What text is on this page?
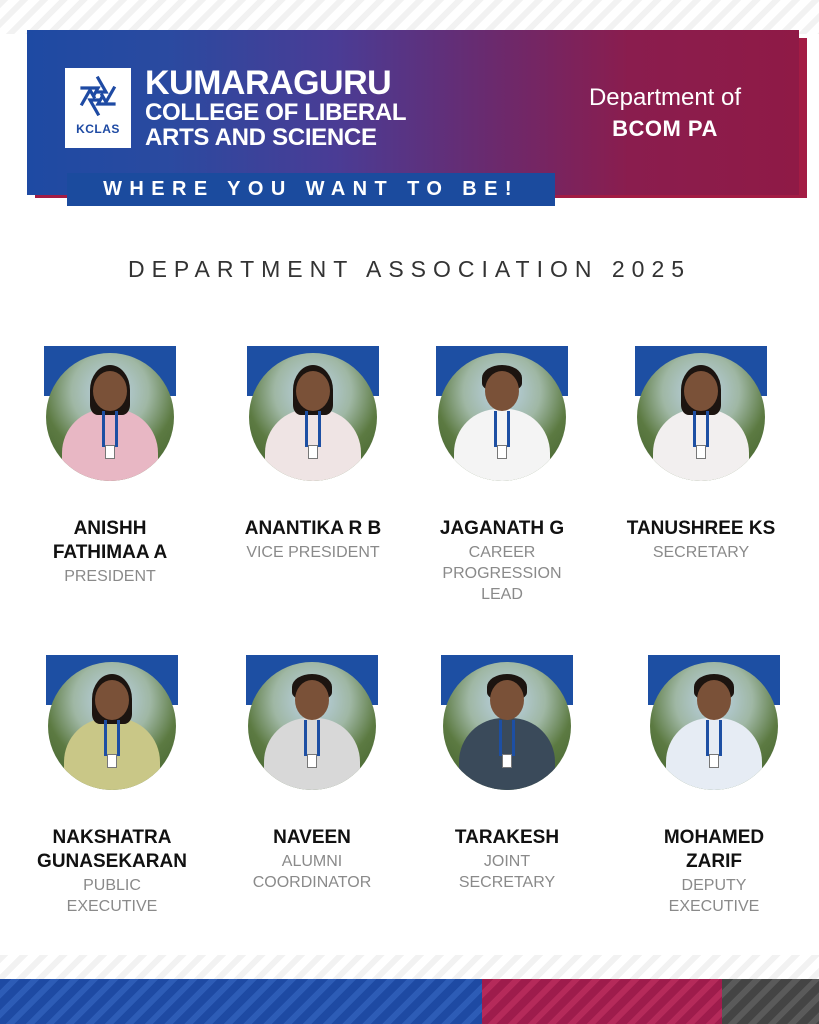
KCLAS
KUMARAGURU
COLLEGE OF LIBERAL
ARTS AND SCIENCE
Department of
BCOM PA
WHERE YOU WANT TO BE!
DEPARTMENT ASSOCIATION 2025
ANISHH
FATHIMAA A
PRESIDENT
ANANTIKA R B
VICE PRESIDENT
JAGANATH G
CAREER
PROGRESSION
LEAD
TANUSHREE KS
SECRETARY
NAKSHATRA
GUNASEKARAN
PUBLIC
EXECUTIVE
NAVEEN
ALUMNI
COORDINATOR
TARAKESH
JOINT
SECRETARY
MOHAMED
ZARIF
DEPUTY
EXECUTIVE
